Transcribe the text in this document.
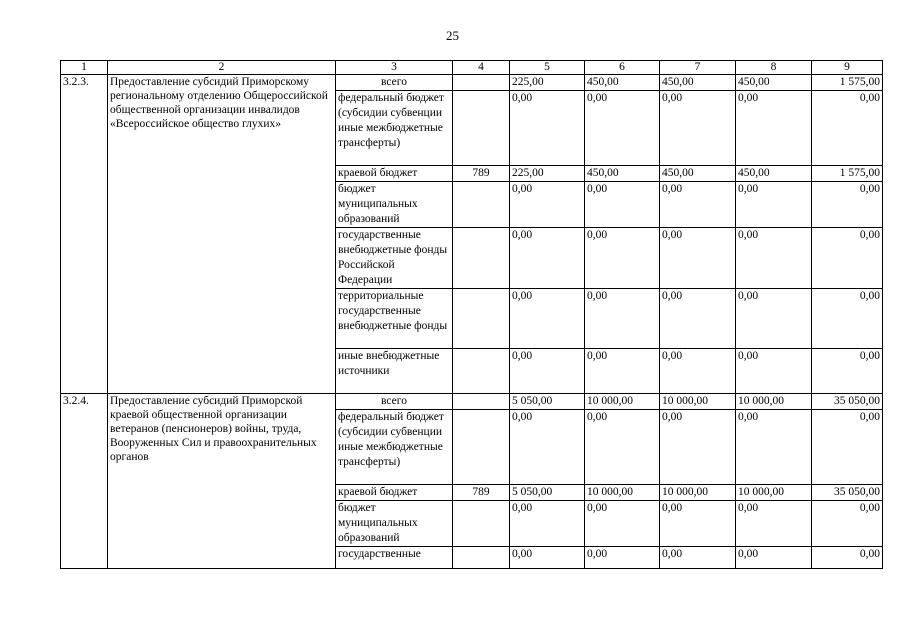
25
1	2	3	4	5	6	7	8	9
3.2.3.	Предоставление субсидий Приморскому региональному отделению Общероссийской общественной организации инвалидов «Всероссийское общество глухих»	всего		225,00	450,00	450,00	450,00	1 575,00
		федеральный бюджет (субсидии субвенции иные межбюджетные трансферты)		0,00	0,00	0,00	0,00	0,00
		краевой бюджет	789	225,00	450,00	450,00	450,00	1 575,00
		бюджет муниципальных образований		0,00	0,00	0,00	0,00	0,00
		государственные внебюджетные фонды Российской Федерации		0,00	0,00	0,00	0,00	0,00
		территориальные государственные внебюджетные фонды		0,00	0,00	0,00	0,00	0,00
		иные внебюджетные источники		0,00	0,00	0,00	0,00	0,00
3.2.4.	Предоставление субсидий Приморской краевой общественной организации ветеранов (пенсионеров) войны, труда, Вооруженных Сил и правоохранительных органов	всего		5 050,00	10 000,00	10 000,00	10 000,00	35 050,00
		федеральный бюджет (субсидии субвенции иные межбюджетные трансферты)		0,00	0,00	0,00	0,00	0,00
		краевой бюджет	789	5 050,00	10 000,00	10 000,00	10 000,00	35 050,00
		бюджет муниципальных образований		0,00	0,00	0,00	0,00	0,00
		государственные		0,00	0,00	0,00	0,00	0,00
